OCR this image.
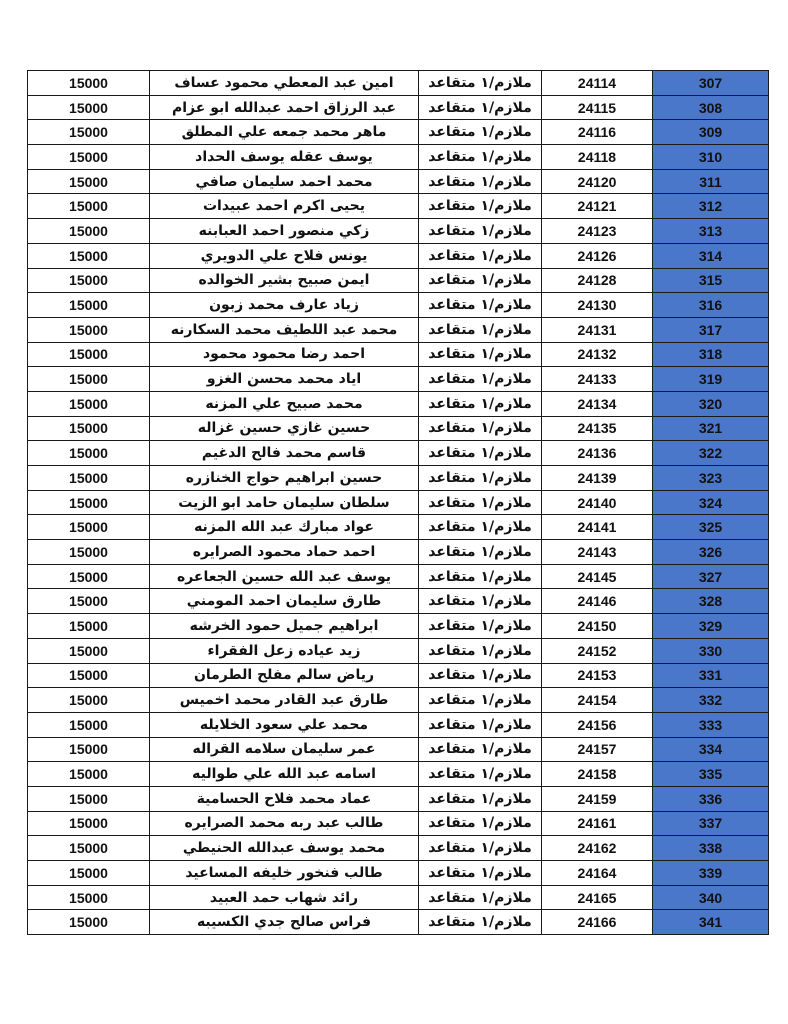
15000	امين عبد المعطي محمود عساف	ملازم/١ متقاعد	24114	307
15000	عبد الرزاق احمد عبدالله ابو عزام	ملازم/١ متقاعد	24115	308
15000	ماهر محمد جمعه علي المطلق	ملازم/١ متقاعد	24116	309
15000	يوسف عقله يوسف الحداد	ملازم/١ متقاعد	24118	310
15000	محمد احمد سليمان صافي	ملازم/١ متقاعد	24120	311
15000	يحيى اكرم احمد عبيدات	ملازم/١ متقاعد	24121	312
15000	زكي منصور احمد العبابنه	ملازم/١ متقاعد	24123	313
15000	يونس فلاح علي الدويري	ملازم/١ متقاعد	24126	314
15000	ايمن صبيح بشير الخوالده	ملازم/١ متقاعد	24128	315
15000	زياد عارف محمد زبون	ملازم/١ متقاعد	24130	316
15000	محمد عبد اللطيف محمد السكارنه	ملازم/١ متقاعد	24131	317
15000	احمد رضا محمود محمود	ملازم/١ متقاعد	24132	318
15000	اياد محمد محسن الغزو	ملازم/١ متقاعد	24133	319
15000	محمد صبيح علي المزنه	ملازم/١ متقاعد	24134	320
15000	حسين غازي حسين غزاله	ملازم/١ متقاعد	24135	321
15000	قاسم محمد فالح الدغيم	ملازم/١ متقاعد	24136	322
15000	حسين ابراهيم حواج الخنازره	ملازم/١ متقاعد	24139	323
15000	سلطان سليمان حامد ابو الزيت	ملازم/١ متقاعد	24140	324
15000	عواد مبارك عبد الله المزنه	ملازم/١ متقاعد	24141	325
15000	احمد حماد محمود الصرايره	ملازم/١ متقاعد	24143	326
15000	يوسف عبد الله حسين الجعاعره	ملازم/١ متقاعد	24145	327
15000	طارق سليمان احمد المومني	ملازم/١ متقاعد	24146	328
15000	ابراهيم جميل حمود الخرشه	ملازم/١ متقاعد	24150	329
15000	زيد عياده زعل الفقراء	ملازم/١ متقاعد	24152	330
15000	رياض سالم مفلح الطرمان	ملازم/١ متقاعد	24153	331
15000	طارق عبد القادر محمد اخميس	ملازم/١ متقاعد	24154	332
15000	محمد علي سعود الخلايله	ملازم/١ متقاعد	24156	333
15000	عمر سليمان سلامه القراله	ملازم/١ متقاعد	24157	334
15000	اسامه عبد الله علي طواليه	ملازم/١ متقاعد	24158	335
15000	عماد محمد فلاح الحسامية	ملازم/١ متقاعد	24159	336
15000	طالب عبد ربه محمد الصرايره	ملازم/١ متقاعد	24161	337
15000	محمد يوسف عبدالله الحنيطي	ملازم/١ متقاعد	24162	338
15000	طالب فنخور خليفه المساعيد	ملازم/١ متقاعد	24164	339
15000	رائد شهاب حمد العبيد	ملازم/١ متقاعد	24165	340
15000	فراس صالح جدي الكسيبه	ملازم/١ متقاعد	24166	341
